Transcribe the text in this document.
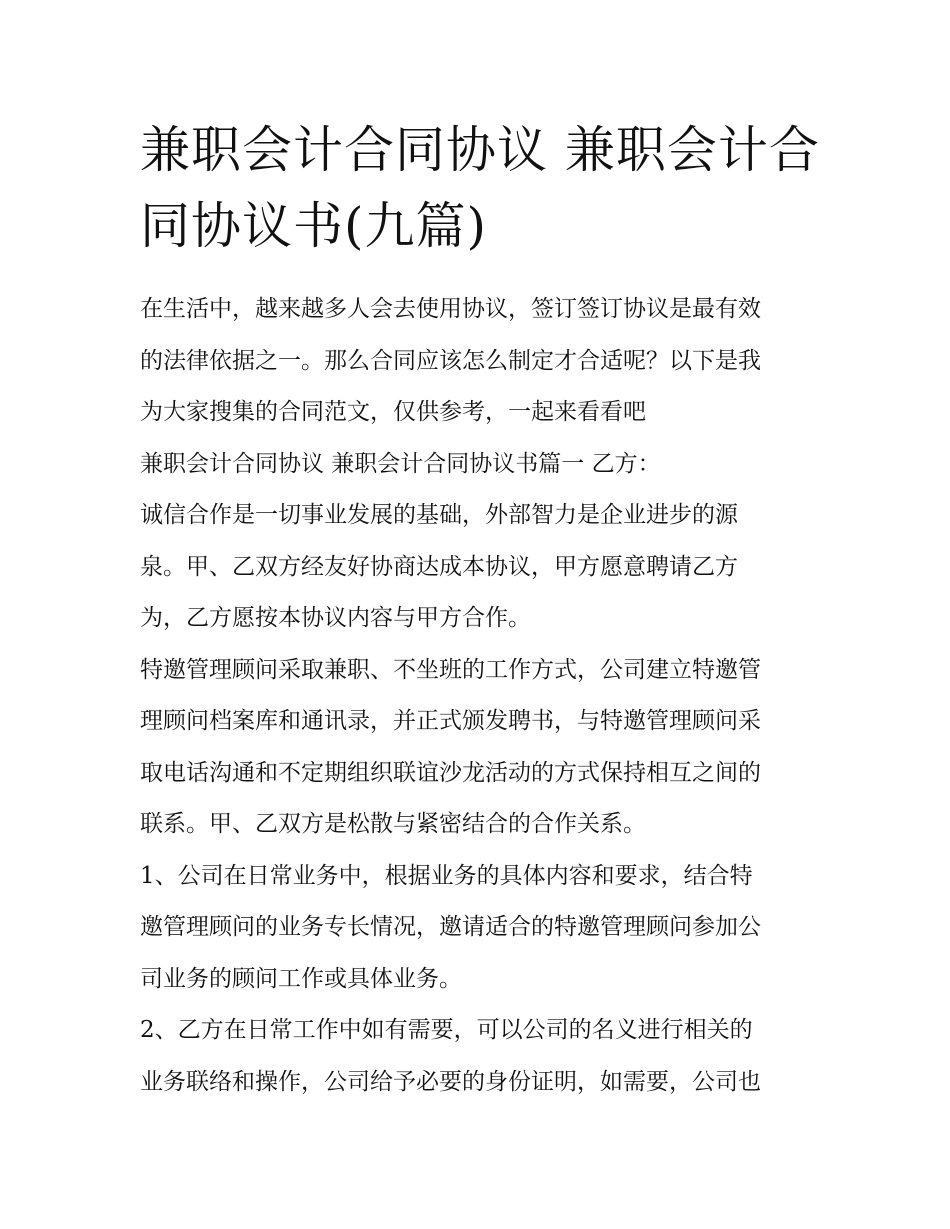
兼职会计合同协议 兼职会计合
同协议书(九篇)

在生活中，越来越多人会去使用协议，签订签订协议是最有效
的法律依据之一。那么合同应该怎么制定才合适呢？以下是我
为大家搜集的合同范文，仅供参考，一起来看看吧

兼职会计合同协议 兼职会计合同协议书篇一 乙方：

诚信合作是一切事业发展的基础，外部智力是企业进步的源
泉。甲、乙双方经友好协商达成本协议，甲方愿意聘请乙方
为，乙方愿按本协议内容与甲方合作。

特邀管理顾问采取兼职、不坐班的工作方式，公司建立特邀管
理顾问档案库和通讯录，并正式颁发聘书，与特邀管理顾问采
取电话沟通和不定期组织联谊沙龙活动的方式保持相互之间的
联系。甲、乙双方是松散与紧密结合的合作关系。

1、公司在日常业务中，根据业务的具体内容和要求，结合特
邀管理顾问的业务专长情况，邀请适合的特邀管理顾问参加公
司业务的顾问工作或具体业务。

2、乙方在日常工作中如有需要，可以公司的名义进行相关的
业务联络和操作，公司给予必要的身份证明，如需要，公司也
